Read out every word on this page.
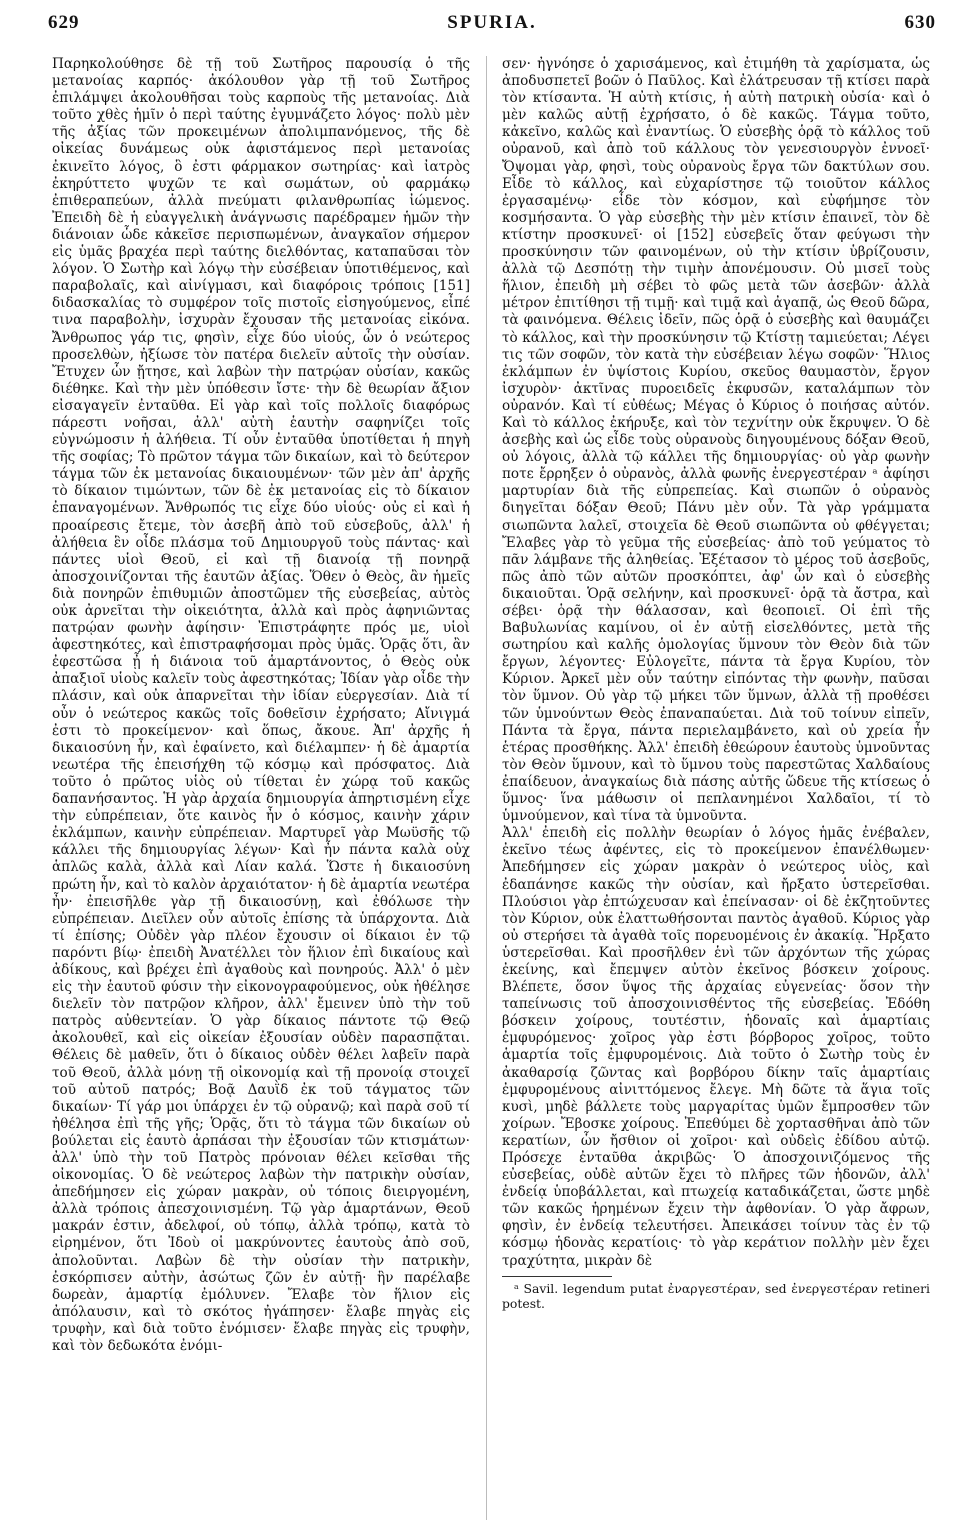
629	SPURIA.	630

Παρηκολούθησε δὲ τῇ τοῦ Σωτῆρος παρουσίᾳ ὁ τῆς μετανοίας καρπός· ἀκόλουθον γὰρ τῇ τοῦ Σωτῆρος ἐπιλάμψει ἀκολουθῆσαι τοὺς καρποὺς τῆς μετανοίας. Διὰ τοῦτο χθὲς ἡμῖν ὁ περὶ ταύτης ἐγυμνάζετο λόγος· πολὺ μὲν τῆς ἀξίας τῶν προκειμένων ἀπολιμπανόμενος, τῆς δὲ οἰκείας δυνάμεως οὐκ ἀφιστάμενος περὶ μετανοίας ἐκινεῖτο λόγος, ὃ ἐστι φάρμακον σωτηρίας· καὶ ἰατρὸς ἐκηρύττετο ψυχῶν τε καὶ σωμάτων, οὐ φαρμάκῳ ἐπιθεραπεύων, ἀλλὰ πνεύματι φιλανθρωπίας ἰώμενος. Ἐπειδὴ δὲ ἡ εὐαγγελικὴ ἀνάγνωσις παρέδραμεν ἡμῶν τὴν διάνοιαν ὧδε κἀκεῖσε περισπωμένων, ἀναγκαῖον σήμερον εἰς ὑμᾶς βραχέα περὶ ταύτης διελθόντας, καταπαῦσαι τὸν λόγον. Ὁ Σωτὴρ καὶ λόγῳ τὴν εὐσέβειαν ὑποτιθέμενος, καὶ παραβολαῖς, καὶ αἰνίγμασι, καὶ διαφόροις τρόποις [151] διδασκαλίας τὸ συμφέρον τοῖς πιστοῖς εἰσηγούμενος, εἶπέ τινα παραβολὴν, ἰσχυρὰν ἔχουσαν τῆς μετανοίας εἰκόνα. Ἄνθρωπος γάρ τις, φησὶν, εἶχε δύο υἱούς, ὧν ὁ νεώτερος προσελθὼν, ἠξίωσε τὸν πατέρα διελεῖν αὐτοῖς τὴν οὐσίαν. Ἔτυχεν ὧν ᾔτησε, καὶ λαβὼν τὴν πατρῴαν οὐσίαν, κακῶς διέθηκε. Καὶ τὴν μὲν ὑπόθεσιν ἴστε· τὴν δὲ θεωρίαν ἄξιον εἰσαγαγεῖν ἐνταῦθα. Εἰ γὰρ καὶ τοῖς πολλοῖς διαφόρως πάρεστι νοῆσαι, ἀλλ' αὐτὴ ἑαυτὴν σαφηνίζει τοῖς εὐγνώμοσιν ἡ ἀλήθεια. Τί οὖν ἐνταῦθα ὑποτίθεται ἡ πηγὴ τῆς σοφίας; Τὸ πρῶτον τάγμα τῶν δικαίων, καὶ τὸ δεύτερον τάγμα τῶν ἐκ μετανοίας δικαιουμένων· τῶν μὲν ἀπ' ἀρχῆς τὸ δίκαιον τιμώντων, τῶν δὲ ἐκ μετανοίας εἰς τὸ δίκαιον ἐπαναγομένων. Ἄνθρωπός τις εἶχε δύο υἱούς· οὐς εἰ καὶ ἡ προαίρεσις ἔτεμε, τὸν ἀσεβῆ ἀπὸ τοῦ εὐσεβοῦς, ἀλλ' ἡ ἀλήθεια ἓν οἶδε πλάσμα τοῦ Δημιουργοῦ τοὺς πάντας· καὶ πάντες υἱοὶ Θεοῦ, εἰ καὶ τῇ διανοίᾳ τῇ πονηρᾷ ἀποσχοινίζονται τῆς ἑαυτῶν ἀξίας. Ὅθεν ὁ Θεὸς, ἂν ἡμεῖς διὰ πονηρῶν ἐπιθυμιῶν ἀποστῶμεν τῆς εὐσεβείας, αὐτὸς οὐκ ἀρνεῖται τὴν οἰκειότητα, ἀλλὰ καὶ πρὸς ἀφηνιῶντας πατρῴαν φωνὴν ἀφίησιν· Ἐπιστράφητε πρός με, υἱοὶ ἀφεστηκότες, καὶ ἐπιστραφήσομαι πρὸς ὑμᾶς. Ὁρᾷς ὅτι, ἂν ἐφεστῶσα ᾖ ἡ διάνοια τοῦ ἁμαρτάνοντος, ὁ Θεὸς οὐκ ἀπαξιοῖ υἱοὺς καλεῖν τοὺς ἀφεστηκότας; Ἰδίαν γὰρ οἶδε τὴν πλάσιν, καὶ οὐκ ἀπαρνεῖται τὴν ἰδίαν εὐεργεσίαν. Διὰ τί οὖν ὁ νεώτερος κακῶς τοῖς δοθεῖσιν ἐχρήσατο; Αἴνιγμά ἐστι τὸ προκείμενον· καὶ ὅπως, ἄκουε. Ἀπ' ἀρχῆς ἡ δικαιοσύνη ἦν, καὶ ἐφαίνετο, καὶ διέλαμπεν· ἡ δὲ ἁμαρτία νεωτέρα τῆς ἐπεισήχθη τῷ κόσμῳ καὶ πρόσφατος. Διὰ τοῦτο ὁ πρῶτος υἱὸς οὐ τίθεται ἐν χώρᾳ τοῦ κακῶς δαπανήσαντος. Ἡ γὰρ ἀρχαία δημιουργία ἀπηρτισμένη εἶχε τὴν εὐπρέπειαν, ὅτε καινὸς ἦν ὁ κόσμος, καινὴν χάριν ἐκλάμπων, καινὴν εὐπρέπειαν. Μαρτυρεῖ γὰρ Μωϋσῆς τῷ κάλλει τῆς δημιουργίας λέγων· Καὶ ἦν πάντα καλὰ οὐχ ἁπλῶς καλὰ, ἀλλὰ καὶ Λίαν καλά. Ὥστε ἡ δικαιοσύνη πρώτη ἦν, καὶ τὸ καλὸν ἀρχαιότατον· ἡ δὲ ἁμαρτία νεωτέρα ἦν· ἐπεισῆλθε γὰρ τῇ δικαιοσύνῃ, καὶ ἐθόλωσε τὴν εὐπρέπειαν. Διεῖλεν οὖν αὐτοῖς ἐπίσης τὰ ὑπάρχοντα. Διὰ τί ἐπίσης; Οὐδὲν γὰρ πλέον ἔχουσιν οἱ δίκαιοι ἐν τῷ παρόντι βίῳ· ἐπειδὴ Ἀνατέλλει τὸν ἥλιον ἐπὶ δικαίους καὶ ἀδίκους, καὶ βρέχει ἐπὶ ἀγαθοὺς καὶ πονηρούς. Ἀλλ' ὁ μὲν εἰς τὴν ἑαυτοῦ φύσιν τὴν εἰκονογραφούμενος, οὐκ ἠθέλησε διελεῖν τὸν πατρῷον κλῆρον, ἀλλ' ἔμεινεν ὑπὸ τὴν τοῦ πατρὸς αὐθεντείαν. Ὁ γὰρ δίκαιος πάντοτε τῷ Θεῷ ἀκολουθεῖ, καὶ εἰς οἰκείαν ἐξουσίαν οὐδὲν παρασπᾷται. Θέλεις δὲ μαθεῖν, ὅτι ὁ δίκαιος οὐδὲν θέλει λαβεῖν παρὰ τοῦ Θεοῦ, ἀλλὰ μόνῃ τῇ οἰκονομίᾳ καὶ τῇ προνοίᾳ στοιχεῖ τοῦ αὐτοῦ πατρός; Βοᾷ Δαυῒδ ἐκ τοῦ τάγματος τῶν δικαίων· Τί γάρ μοι ὑπάρχει ἐν τῷ οὐρανῷ; καὶ παρὰ σοῦ τί ἠθέλησα ἐπὶ τῆς γῆς; Ὁρᾷς, ὅτι τὸ τάγμα τῶν δικαίων οὐ βούλεται εἰς ἑαυτὸ ἀρπάσαι τὴν ἐξουσίαν τῶν κτισμάτων· ἀλλ' ὑπὸ τὴν τοῦ Πατρὸς πρόνοιαν θέλει κεῖσθαι τῆς οἰκονομίας. Ὁ δὲ νεώτερος λαβὼν τὴν πατρικὴν οὐσίαν, ἀπεδήμησεν εἰς χώραν μακρὰν, οὐ τόποις διειργομένη, ἀλλὰ τρόποις ἀπεσχοινισμένη. Τῷ γὰρ ἁμαρτάνων, Θεοῦ μακράν ἐστιν, ἀδελφοί, οὐ τόπῳ, ἀλλὰ τρόπῳ, κατὰ τὸ εἰρημένον, ὅτι Ἰδοὺ οἱ μακρύνοντες ἑαυτοὺς ἀπὸ σοῦ, ἀπολοῦνται. Λαβὼν δὲ τὴν οὐσίαν τὴν πατρικὴν, ἐσκόρπισεν αὐτὴν, ἀσώτως ζῶν ἐν αὐτῇ· ἣν παρέλαβε δωρεὰν, ἁμαρτίᾳ ἐμόλυνεν. Ἔλαβε τὸν ἥλιον εἰς ἀπόλαυσιν, καὶ τὸ σκότος ἠγάπησεν· ἔλαβε πηγὰς εἰς τρυφὴν, καὶ διὰ τοῦτο ἐνόμισεν· ἔλαβε πηγὰς εἰς τρυφὴν, καὶ τὸν δεδωκότα ἐνόμι-

σεν· ἠγνόησε ὁ χαρισάμενος, καὶ ἐτιμήθη τὰ χαρίσματα, ὡς ἀποδυσπετεῖ βοῶν ὁ Παῦλος. Καὶ ἐλάτρευσαν τῇ κτίσει παρὰ τὸν κτίσαντα. Ἡ αὐτὴ κτίσις, ἡ αὐτὴ πατρικὴ οὐσία· καὶ ὁ μὲν καλῶς αὐτῇ ἐχρήσατο, ὁ δὲ κακῶς. Τάγμα τοῦτο, κἀκεῖνο, καλῶς καὶ ἐναντίως. Ὁ εὐσεβὴς ὁρᾷ τὸ κάλλος τοῦ οὐρανοῦ, καὶ ἀπὸ τοῦ κάλλους τὸν γενεσιουργὸν ἐννοεῖ· Ὄψομαι γὰρ, φησὶ, τοὺς οὐρανοὺς ἔργα τῶν δακτύλων σου. Εἶδε τὸ κάλλος, καὶ εὐχαρίστησε τῷ τοιοῦτον κάλλος ἐργασαμένῳ· εἶδε τὸν κόσμον, καὶ εὐφήμησε τὸν κοσμήσαντα. Ὁ γὰρ εὐσεβὴς τὴν μὲν κτίσιν ἐπαινεῖ, τὸν δὲ κτίστην προσκυνεῖ· οἱ [152] εὐσεβεῖς ὅταν φεύγωσι τὴν προσκύνησιν τῶν φαινομένων, οὐ τὴν κτίσιν ὑβρίζουσιν, ἀλλὰ τῷ Δεσπότῃ τὴν τιμὴν ἀπονέμουσιν. Οὐ μισεῖ τοὺς ἥλιον, ἐπειδὴ μὴ σέβει τὸ φῶς μετὰ τῶν ἀσεβῶν· ἀλλὰ μέτρον ἐπιτίθησι τῇ τιμῇ· καὶ τιμᾷ καὶ ἀγαπᾷ, ὡς Θεοῦ δῶρα, τὰ φαινόμενα. Θέλεις ἰδεῖν, πῶς ὁρᾷ ὁ εὐσεβὴς καὶ θαυμάζει τὸ κάλλος, καὶ τὴν προσκύνησιν τῷ Κτίστῃ ταμιεύεται; Λέγει τις τῶν σοφῶν, τὸν κατὰ τὴν εὐσέβειαν λέγω σοφῶν· Ἥλιος ἐκλάμπων ἐν ὑψίστοις Κυρίου, σκεῦος θαυμαστὸν, ἔργον ἰσχυρὸν· ἀκτῖνας πυροειδεῖς ἐκφυσῶν, καταλάμπων τὸν οὐρανόν. Καὶ τί εὐθέως; Μέγας ὁ Κύριος ὁ ποιήσας αὐτόν. Καὶ τὸ κάλλος ἐκήρυξε, καὶ τὸν τεχνίτην οὐκ ἔκρυψεν. Ὁ δὲ ἀσεβὴς καὶ ὡς εἶδε τοὺς οὐρανοὺς διηγουμένους δόξαν Θεοῦ, οὐ λόγοις, ἀλλὰ τῷ κάλλει τῆς δημιουργίας· οὐ γὰρ φωνὴν ποτε ἔρρηξεν ὁ οὐρανὸς, ἀλλὰ φωνῆς ἐνεργεστέραν ᵃ ἀφίησι μαρτυρίαν διὰ τῆς εὐπρεπείας. Καὶ σιωπῶν ὁ οὐρανὸς διηγεῖται δόξαν Θεοῦ; Πάνυ μὲν οὖν. Τὰ γὰρ γράμματα σιωπῶντα λαλεῖ, στοιχεῖα δὲ Θεοῦ σιωπῶντα οὐ φθέγγεται; Ἔλαβες γὰρ τὸ γεῦμα τῆς εὐσεβείας· ἀπὸ τοῦ γεύματος τὸ πᾶν λάμβανε τῆς ἀληθείας. Ἐξέτασον τὸ μέρος τοῦ ἀσεβοῦς, πῶς ἀπὸ τῶν αὐτῶν προσκόπτει, ἀφ' ὧν καὶ ὁ εὐσεβὴς δικαιοῦται. Ὁρᾷ σελήνην, καὶ προσκυνεῖ· ὁρᾷ τὰ ἄστρα, καὶ σέβει· ὁρᾷ τὴν θάλασσαν, καὶ θεοποιεῖ. Οἱ ἐπὶ τῆς Βαβυλωνίας καμίνου, οἱ ἐν αὐτῇ εἰσελθόντες, μετὰ τῆς σωτηρίου καὶ καλῆς ὁμολογίας ὕμνουν τὸν Θεὸν διὰ τῶν ἔργων, λέγοντες· Εὐλογεῖτε, πάντα τὰ ἔργα Κυρίου, τὸν Κύριον. Ἀρκεῖ μὲν οὖν ταύτην εἰπόντας τὴν φωνὴν, παῦσαι τὸν ὕμνον. Οὐ γὰρ τῷ μήκει τῶν ὕμνων, ἀλλὰ τῇ προθέσει τῶν ὑμνούντων Θεὸς ἐπαναπαύεται. Διὰ τοῦ τοίνυν εἰπεῖν, Πάντα τὰ ἔργα, πάντα περιελαμβάνετο, καὶ οὐ χρεία ἦν ἑτέρας προσθήκης. Ἀλλ' ἐπειδὴ ἐθεώρουν ἑαυτοὺς ὑμνοῦντας τὸν Θεὸν ὕμνουν, καὶ τὸ ὕμνου τοὺς παρεστῶτας Χαλδαίους ἐπαίδευον, ἀναγκαίως διὰ πάσης αὐτῆς ὥδευε τῆς κτίσεως ὁ ὕμνος· ἵνα μάθωσιν οἱ πεπλανημένοι Χαλδαῖοι, τί τὸ ὑμνούμενον, καὶ τίνα τὰ ὑμνοῦντα.

Ἀλλ' ἐπειδὴ εἰς πολλὴν θεωρίαν ὁ λόγος ἡμᾶς ἐνέβαλεν, ἐκεῖνο τέως ἀφέντες, εἰς τὸ προκείμενον ἐπανέλθωμεν· Ἀπεδήμησεν εἰς χώραν μακρὰν ὁ νεώτερος υἱὸς, καὶ ἐδαπάνησε κακῶς τὴν οὐσίαν, καὶ ἤρξατο ὑστερεῖσθαι. Πλούσιοι γὰρ ἐπτώχευσαν καὶ ἐπείνασαν· οἱ δὲ ἐκζητοῦντες τὸν Κύριον, οὐκ ἐλαττωθήσονται παντὸς ἀγαθοῦ. Κύριος γὰρ οὐ στερήσει τὰ ἀγαθὰ τοῖς πορευομένοις ἐν ἀκακίᾳ. Ἤρξατο ὑστερεῖσθαι. Καὶ προσῆλθεν ἑνὶ τῶν ἀρχόντων τῆς χώρας ἐκείνης, καὶ ἔπεμψεν αὐτὸν ἐκεῖνος βόσκειν χοίρους. Βλέπετε, ὅσον ὕψος τῆς ἀρχαίας εὐγενείας· ὅσον τὴν ταπείνωσις τοῦ ἀποσχοινισθέντος τῆς εὐσεβείας. Ἐδόθη βόσκειν χοίρους, τουτέστιν, ἡδοναῖς καὶ ἁμαρτίαις ἐμφυρόμενος· χοῖρος γὰρ ἐστι βόρβορος χοῖρος, τοῦτο ἁμαρτία τοῖς ἐμφυρομένοις. Διὰ τοῦτο ὁ Σωτὴρ τοὺς ἐν ἀκαθαρσίᾳ ζῶντας καὶ βορβόρου δίκην ταῖς ἁμαρτίαις ἐμφυρομένους αἰνιττόμενος ἔλεγε. Μὴ δῶτε τὰ ἅγια τοῖς κυσὶ, μηδὲ βάλλετε τοὺς μαργαρίτας ὑμῶν ἔμπροσθεν τῶν χοίρων. Ἔβοσκε χοίρους. Ἐπεθύμει δὲ χορτασθῆναι ἀπὸ τῶν κερατίων, ὧν ἤσθιον οἱ χοῖροι· καὶ οὐδεὶς ἐδίδου αὐτῷ. Πρόσεχε ἐνταῦθα ἀκριβῶς· Ὁ ἀποσχοινιζόμενος τῆς εὐσεβείας, οὐδὲ αὐτῶν ἔχει τὸ πλῆρες τῶν ἡδονῶν, ἀλλ' ἐνδείᾳ ὑποβάλλεται, καὶ πτωχείᾳ καταδικάζεται, ὥστε μηδὲ τῶν κακῶς ἡρημένων ἔχειν τὴν ἀφθονίαν. Ὁ γὰρ ἄφρων, φησὶν, ἐν ἐνδείᾳ τελευτήσει. Ἀπεικάσει τοίνυν τὰς ἐν τῷ κόσμῳ ἡδονὰς κερατίοις· τὸ γὰρ κεράτιον πολλὴν μὲν ἔχει τραχύτητα, μικρὰν δὲ

ᵃ Savil. legendum putat ἐναργεστέραν, sed ἐνεργεστέραν retineri potest.
